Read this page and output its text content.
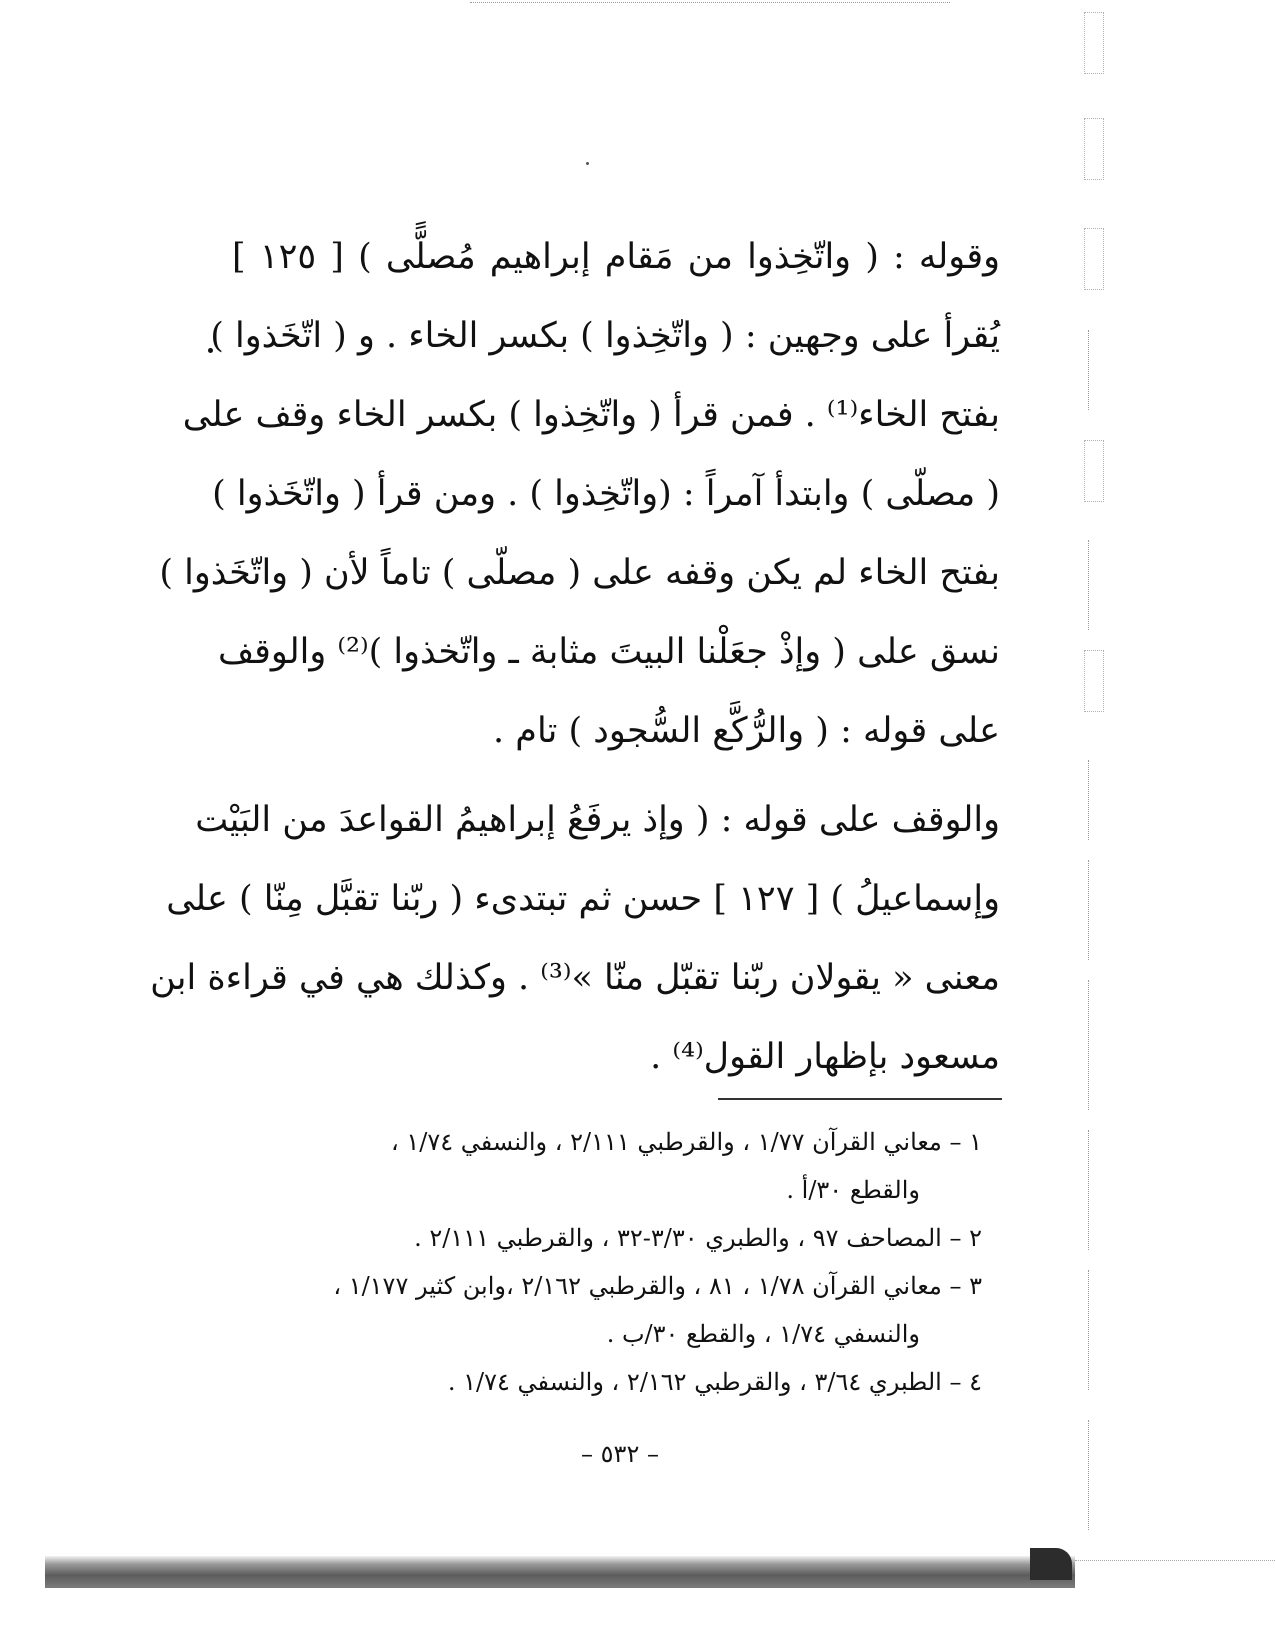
وقوله : ( واتّخِذوا من مَقام إبراهيم مُصلًّى ) [ ١٢٥ ]
يُقرأ على وجهين : ( واتّخِذوا ) بكسر الخاء . و ( اتّخَذوا )
بفتح الخاء⁽¹⁾ . فمن قرأ ( واتّخِذوا ) بكسر الخاء وقف على
( مصلّى ) وابتدأ آمراً : (واتّخِذوا ) . ومن قرأ ( واتّخَذوا )
بفتح الخاء لم يكن وقفه على ( مصلّى ) تاماً لأن ( واتّخَذوا )
نسق على ( وإذْ جعَلْنا البيتَ مثابة ـ واتّخذوا )⁽²⁾ والوقف
على قوله : ( والرُّكَّع السُّجود ) تام .
والوقف على قوله : ( وإذ يرفَعُ إبراهيمُ القواعدَ من البَيْت
وإسماعيلُ ) [ ١٢٧ ] حسن ثم تبتدىء ( ربّنا تقبَّل مِنّا ) على
معنى « يقولان ربّنا تقبّل منّا »⁽³⁾ . وكذلك هي في قراءة ابن
مسعود بإظهار القول⁽⁴⁾ .
١ – معاني القرآن ١/٧٧ ، والقرطبي ٢/١١١ ، والنسفي ١/٧٤ ،
والقطع ٣٠/أ .
٢ – المصاحف ٩٧ ، والطبري ٣/٣٠-٣٢ ، والقرطبي ٢/١١١ .
٣ – معاني القرآن ١/٧٨ ، ٨١ ، والقرطبي ٢/١٦٢ ،وابن كثير ١/١٧٧ ،
والنسفي ١/٧٤ ، والقطع ٣٠/ب .
٤ – الطبري ٣/٦٤ ، والقرطبي ٢/١٦٢ ، والنسفي ١/٧٤ .
– ٥٣٢ –
